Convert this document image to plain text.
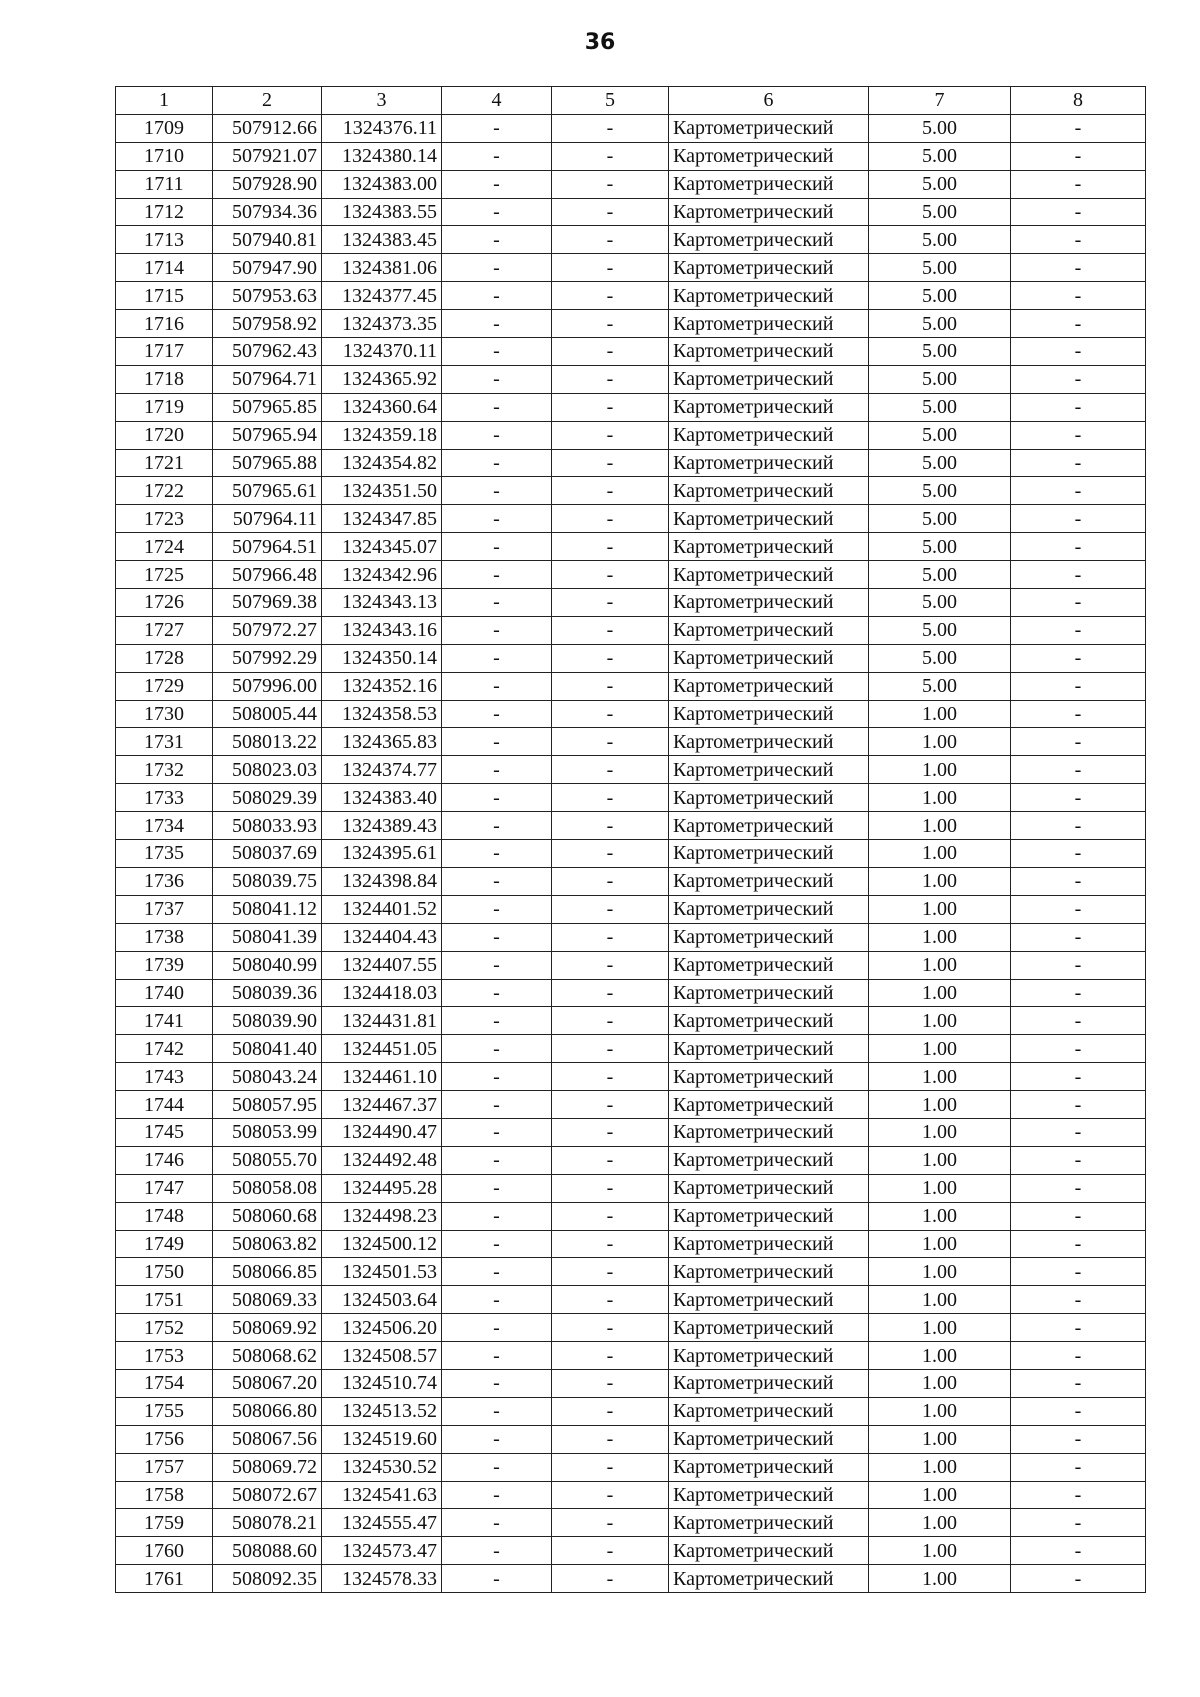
36
1	2	3	4	5	6	7	8
1709	507912.66	1324376.11	-	-	Картометрический	5.00	-
1710	507921.07	1324380.14	-	-	Картометрический	5.00	-
1711	507928.90	1324383.00	-	-	Картометрический	5.00	-
1712	507934.36	1324383.55	-	-	Картометрический	5.00	-
1713	507940.81	1324383.45	-	-	Картометрический	5.00	-
1714	507947.90	1324381.06	-	-	Картометрический	5.00	-
1715	507953.63	1324377.45	-	-	Картометрический	5.00	-
1716	507958.92	1324373.35	-	-	Картометрический	5.00	-
1717	507962.43	1324370.11	-	-	Картометрический	5.00	-
1718	507964.71	1324365.92	-	-	Картометрический	5.00	-
1719	507965.85	1324360.64	-	-	Картометрический	5.00	-
1720	507965.94	1324359.18	-	-	Картометрический	5.00	-
1721	507965.88	1324354.82	-	-	Картометрический	5.00	-
1722	507965.61	1324351.50	-	-	Картометрический	5.00	-
1723	507964.11	1324347.85	-	-	Картометрический	5.00	-
1724	507964.51	1324345.07	-	-	Картометрический	5.00	-
1725	507966.48	1324342.96	-	-	Картометрический	5.00	-
1726	507969.38	1324343.13	-	-	Картометрический	5.00	-
1727	507972.27	1324343.16	-	-	Картометрический	5.00	-
1728	507992.29	1324350.14	-	-	Картометрический	5.00	-
1729	507996.00	1324352.16	-	-	Картометрический	5.00	-
1730	508005.44	1324358.53	-	-	Картометрический	1.00	-
1731	508013.22	1324365.83	-	-	Картометрический	1.00	-
1732	508023.03	1324374.77	-	-	Картометрический	1.00	-
1733	508029.39	1324383.40	-	-	Картометрический	1.00	-
1734	508033.93	1324389.43	-	-	Картометрический	1.00	-
1735	508037.69	1324395.61	-	-	Картометрический	1.00	-
1736	508039.75	1324398.84	-	-	Картометрический	1.00	-
1737	508041.12	1324401.52	-	-	Картометрический	1.00	-
1738	508041.39	1324404.43	-	-	Картометрический	1.00	-
1739	508040.99	1324407.55	-	-	Картометрический	1.00	-
1740	508039.36	1324418.03	-	-	Картометрический	1.00	-
1741	508039.90	1324431.81	-	-	Картометрический	1.00	-
1742	508041.40	1324451.05	-	-	Картометрический	1.00	-
1743	508043.24	1324461.10	-	-	Картометрический	1.00	-
1744	508057.95	1324467.37	-	-	Картометрический	1.00	-
1745	508053.99	1324490.47	-	-	Картометрический	1.00	-
1746	508055.70	1324492.48	-	-	Картометрический	1.00	-
1747	508058.08	1324495.28	-	-	Картометрический	1.00	-
1748	508060.68	1324498.23	-	-	Картометрический	1.00	-
1749	508063.82	1324500.12	-	-	Картометрический	1.00	-
1750	508066.85	1324501.53	-	-	Картометрический	1.00	-
1751	508069.33	1324503.64	-	-	Картометрический	1.00	-
1752	508069.92	1324506.20	-	-	Картометрический	1.00	-
1753	508068.62	1324508.57	-	-	Картометрический	1.00	-
1754	508067.20	1324510.74	-	-	Картометрический	1.00	-
1755	508066.80	1324513.52	-	-	Картометрический	1.00	-
1756	508067.56	1324519.60	-	-	Картометрический	1.00	-
1757	508069.72	1324530.52	-	-	Картометрический	1.00	-
1758	508072.67	1324541.63	-	-	Картометрический	1.00	-
1759	508078.21	1324555.47	-	-	Картометрический	1.00	-
1760	508088.60	1324573.47	-	-	Картометрический	1.00	-
1761	508092.35	1324578.33	-	-	Картометрический	1.00	-
